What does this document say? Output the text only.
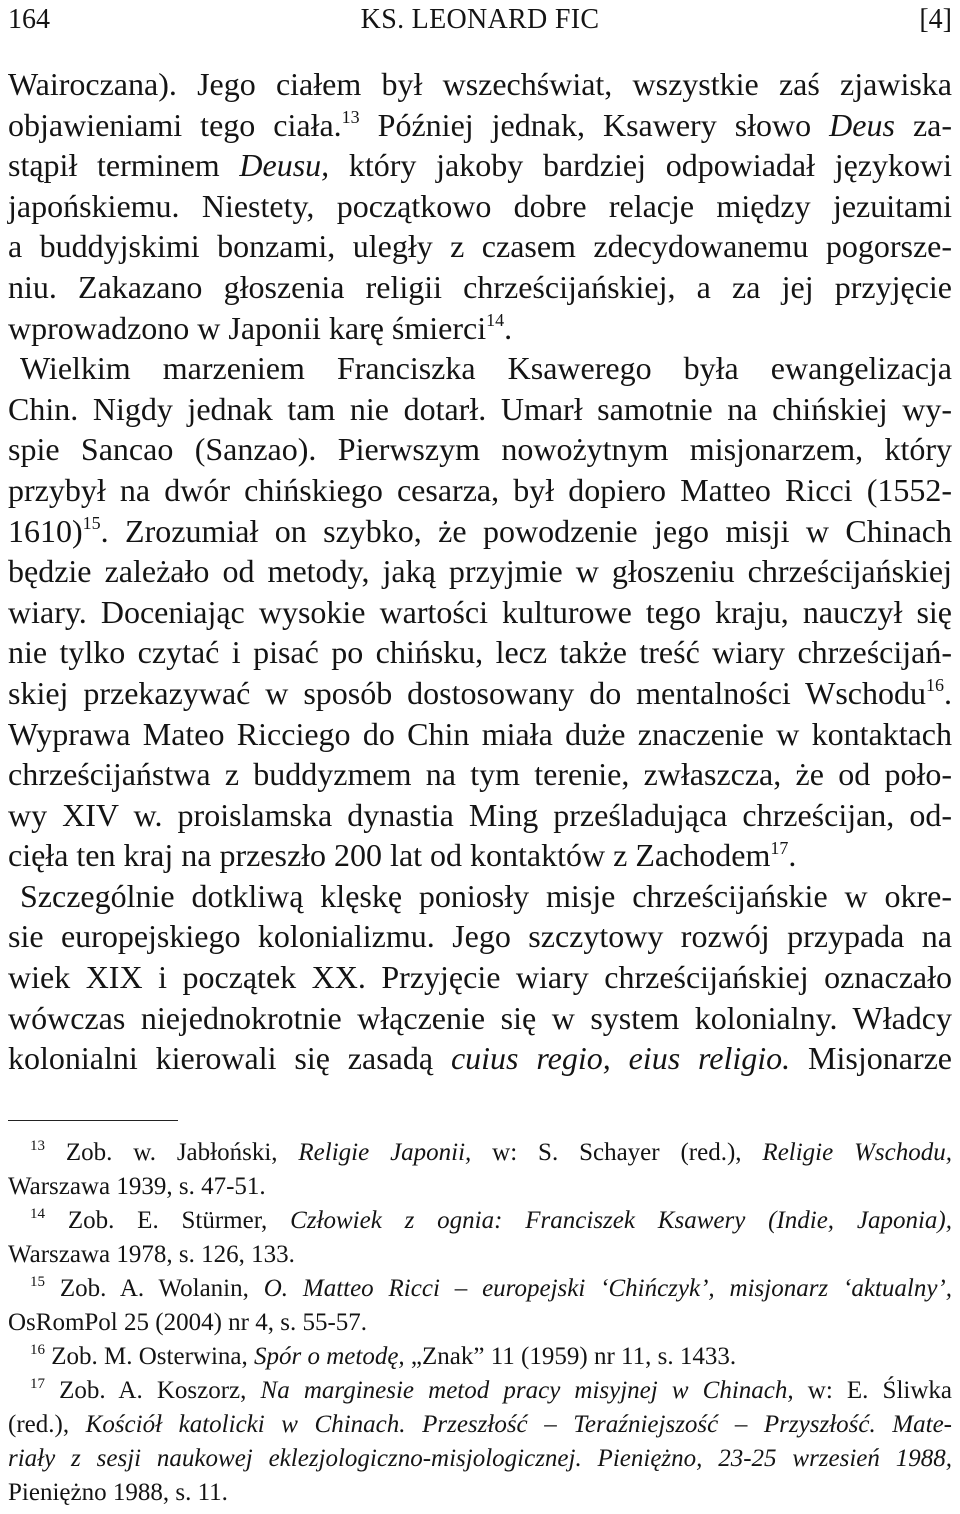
164	KS. LEONARD FIC	[4]

Wairoczana). Jego ciałem był wszechświat, wszystkie zaś zjawiska
objawieniami tego ciała.$^{13}$ Później jednak, Ksawery słowo Deus za-
stąpił terminem Deusu, który jakoby bardziej odpowiadał językowi
japońskiemu. Niestety, początkowo dobre relacje między jezuitami
a buddyjskimi bonzami, uległy z czasem zdecydowanemu pogorsze-
niu. Zakazano głoszenia religii chrześcijańskiej, a za jej przyjęcie
wprowadzono w Japonii karę śmierci$^{14}$.

Wielkim marzeniem Franciszka Ksawerego była ewangelizacja
Chin. Nigdy jednak tam nie dotarł. Umarł samotnie na chińskiej wy-
spie Sancao (Sanzao). Pierwszym nowożytnym misjonarzem, który
przybył na dwór chińskiego cesarza, był dopiero Matteo Ricci (1552-
1610)$^{15}$. Zrozumiał on szybko, że powodzenie jego misji w Chinach
będzie zależało od metody, jaką przyjmie w głoszeniu chrześcijańskiej
wiary. Doceniając wysokie wartości kulturowe tego kraju, nauczył się
nie tylko czytać i pisać po chińsku, lecz także treść wiary chrześcijań-
skiej przekazywać w sposób dostosowany do mentalności Wschodu$^{16}$.
Wyprawa Mateo Ricciego do Chin miała duże znaczenie w kontaktach
chrześcijaństwa z buddyzmem na tym terenie, zwłaszcza, że od poło-
wy XIV w. proislamska dynastia Ming prześladująca chrześcijan, od-
cięła ten kraj na przeszło 200 lat od kontaktów z Zachodem$^{17}$.

Szczególnie dotkliwą klęskę poniosły misje chrześcijańskie w okre-
sie europejskiego kolonializmu. Jego szczytowy rozwój przypada na
wiek XIX i początek XX. Przyjęcie wiary chrześcijańskiej oznaczało
wówczas niejednokrotnie włączenie się w system kolonialny. Władcy
kolonialni kierowali się zasadą cuius regio, eius religio. Misjonarze

$^{13}$ Zob. w. Jabłoński, Religie Japonii, w: S. Schayer (red.), Religie Wschodu,
Warszawa 1939, s. 47-51.

$^{14}$ Zob. E. Stürmer, Człowiek z ognia: Franciszek Ksawery (Indie, Japonia),
Warszawa 1978, s. 126, 133.

$^{15}$ Zob. A. Wolanin, O. Matteo Ricci – europejski ‘Chińczyk’, misjonarz ‘aktualny’,
OsRomPol 25 (2004) nr 4, s. 55-57.

$^{16}$ Zob. M. Osterwina, Spór o metodę, „Znak” 11 (1959) nr 11, s. 1433.

$^{17}$ Zob. A. Koszorz, Na marginesie metod pracy misyjnej w Chinach, w: E. Śliwka
(red.), Kościół katolicki w Chinach. Przeszłość – Teraźniejszość – Przyszłość. Mate-
riały z sesji naukowej eklezjologiczno-misjologicznej. Pieniężno, 23-25 wrzesień 1988,
Pieniężno 1988, s. 11.
